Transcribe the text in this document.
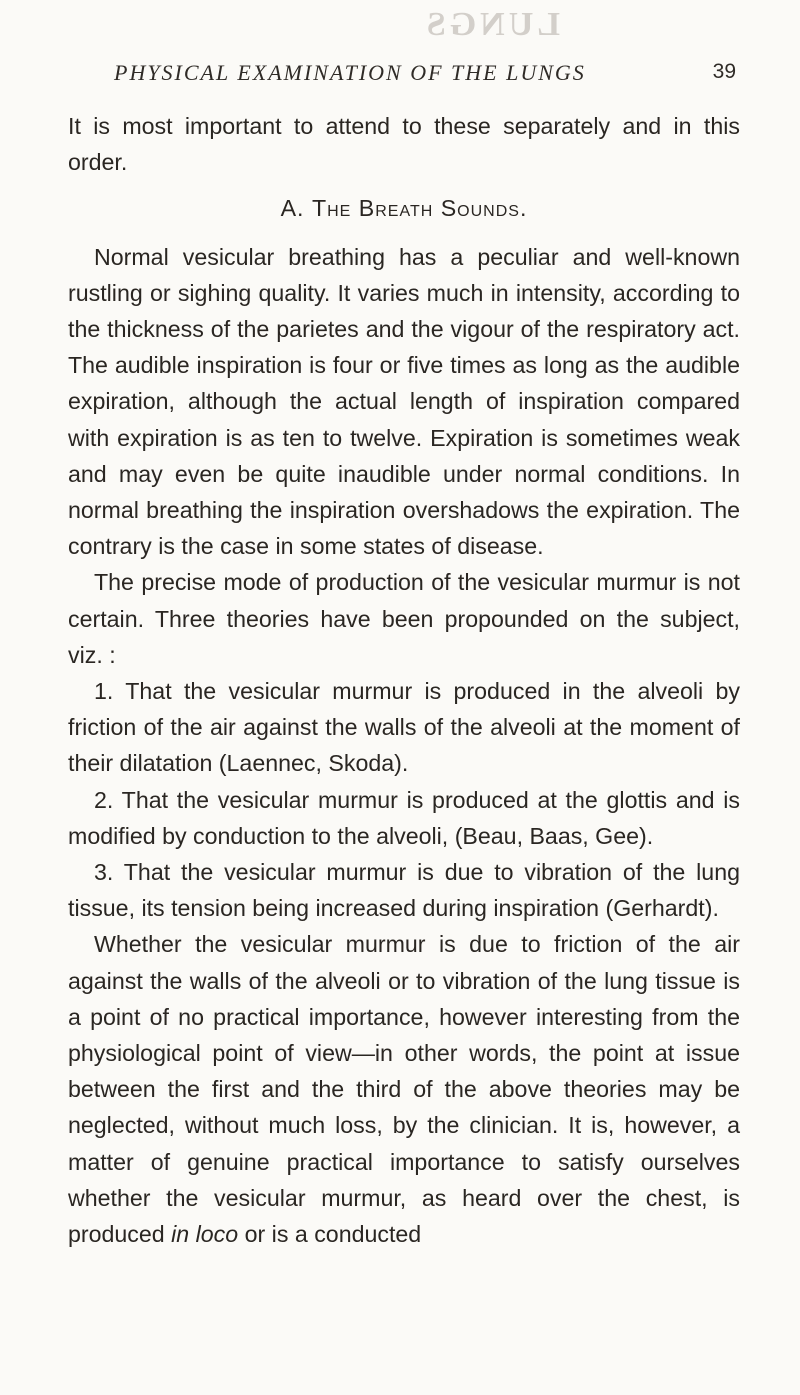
LUNGS
PHYSICAL EXAMINATION OF THE LUNGS	39

It is most important to attend to these separately and in this order.

A. The Breath Sounds.

Normal vesicular breathing has a peculiar and well-known rustling or sighing quality. It varies much in intensity, according to the thickness of the parietes and the vigour of the respiratory act. The audible inspiration is four or five times as long as the audible expiration, although the actual length of inspiration compared with expiration is as ten to twelve. Expiration is sometimes weak and may even be quite inaudible under normal conditions. In normal breathing the inspiration overshadows the expiration. The contrary is the case in some states of disease.

The precise mode of production of the vesicular murmur is not certain. Three theories have been propounded on the subject, viz. :

1. That the vesicular murmur is produced in the alveoli by friction of the air against the walls of the alveoli at the moment of their dilatation (Laennec, Skoda).

2. That the vesicular murmur is produced at the glottis and is modified by conduction to the alveoli, (Beau, Baas, Gee).

3. That the vesicular murmur is due to vibration of the lung tissue, its tension being increased during inspiration (Gerhardt).

Whether the vesicular murmur is due to friction of the air against the walls of the alveoli or to vibration of the lung tissue is a point of no practical importance, however interesting from the physiological point of view—in other words, the point at issue between the first and the third of the above theories may be neglected, without much loss, by the clinician. It is, however, a matter of genuine practical importance to satisfy ourselves whether the vesicular murmur, as heard over the chest, is produced in loco or is a conducted
